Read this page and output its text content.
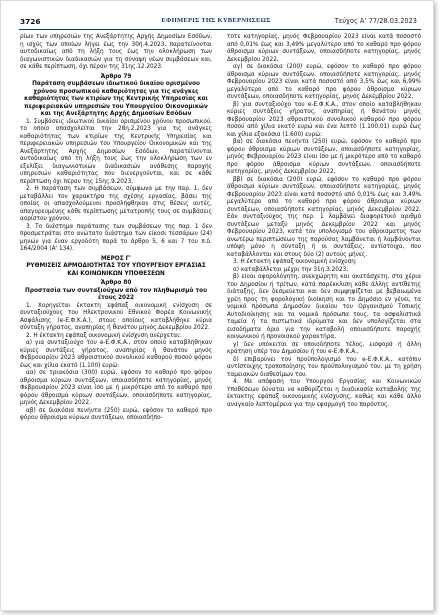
3726	ΕΦΗΜΕΡΙΣ ΤΗΣ ΚΥΒΕΡΝΗΣΕΩΣ	Τεύχος A’ 77/28.03.2023

ρίων των υπηρεσιών της Ανεξάρτητης Αρχής Δημοσίων Εσόδων, η ισχύς των οποίων λήγει έως την 30ή.4.2023, παρατείνονται αυτοδικαίως από τη λήξη τους έως την ολοκλήρωση των διαγωνιστικών διαδικασιών για τη σύναψη νέων συμβάσεων και, σε κάθε περίπτωση, όχι πέραν της 31ης.12.2023.

Άρθρο 79

Παράταση συμβάσεων ιδιωτικού δικαίου ορισμένου χρόνου προσωπικού καθαριότητας για τις ανάγκες καθαριότητας των κτιρίων της Κεντρικής Υπηρεσίας και περιφερειακών υπηρεσιών του Υπουργείου Οικονομικών και της Ανεξάρτητης Αρχής Δημοσίων Εσόδων

1. Συμβάσεις ιδιωτικού δικαίου ορισμένου χρόνου προσωπικού, το οποίο απασχολείται την 28η.2.2023 για τις ανάγκες καθαριότητας των κτιρίων της Κεντρικής Υπηρεσίας και περιφερειακών υπηρεσιών του Υπουργείου Οικονομικών και της Ανεξάρτητης Αρχής Δημοσίων Εσόδων, παρατείνονται αυτοδικαίως από τη λήξη τους έως την ολοκλήρωση των εν εξελίξει διαγωνιστικών διαδικασιών ανάθεσης παροχής υπηρεσιών καθαριότητας που διενεργούνται, και σε κάθε περίπτωση όχι πέραν της 15ης.9.2023.

2. Η παράταση των συμβάσεων, σύμφωνα με την παρ. 1, δεν μεταβάλλει τον χαρακτήρα της σχέσης εργασίας, βάσει της οποίας οι απασχολούμενοι προσλήφθηκαν στις θέσεις αυτές, απαγορευμένης κάθε περίπτωσης μετατροπής τους σε συμβάσεις αορίστου χρόνου.

3. Το διάστημα παράτασης των συμβάσεων της παρ. 1 δεν προσμετράται στο ανώτατο διάστημα των είκοσι τεσσάρων (24) μηνών για έναν εργοδότη παρά το άρθρο 5, 6 και 7 του π.δ. 164/2004 (Α' 134).

ΜΕΡΟΣ Γ'

ΡΥΘΜΙΣΕΙΣ ΑΡΜΟΔΙΟΤΗΤΑΣ ΤΟΥ ΥΠΟΥΡΓΕΙΟΥ ΕΡΓΑΣΙΑΣ ΚΑΙ ΚΟΙΝΩΝΙΚΩΝ ΥΠΟΘΕΣΕΩΝ

Άρθρο 80

Προστασία των συνταξιούχων από τον πληθωρισμό του έτους 2022

1. Χορηγείται έκτακτη εφάπαξ οικονομική ενίσχυση σε συνταξιούχους του Ηλεκτρονικού Εθνικού Φορέα Κοινωνικής Ασφάλισης (e-Ε.Φ.Κ.Α.), στους οποίους καταβλήθηκε κύρια σύνταξη γήρατος, αναπηρίας ή θανάτου μηνός Δεκεμβρίου 2022.

2. Η έκτακτη εφάπαξ οικονομική ενίσχυση ανέρχεται:

α) για συνταξιούχο του e-Ε.Φ.Κ.Α., στον οποίο καταβλήθηκαν κύριες συντάξεις γήρατος, αναπηρίας ή θανάτου μηνός Φεβρουαρίου 2023 αθροιστικού συνολικού καθαρού ποσού φόρου έως και χίλια εκατό (1.100) ευρώ:

αα) σε τριακόσια (300) ευρώ, εφόσον το καθαρό προ φόρου αθροισμα κύριων συντάξεων, οποιασδήποτε κατηγορίας, μηνός Φεβρουαρίου 2023 είναι ίσο με ή μικρότερο από το καθαρό προ φόρου άθροισμα κύριων συντάξεων, οποιασδήποτε κατηγορίας, μηνός Δεκεμβρίου 2022,

αβ) σε διακόσια πενήντα (250) ευρώ, εφόσον το καθαρό προ φόρου άθροισμα κύριων συντάξεων, οποιασδήπο-

τοτε κατηγορίας, μηνός Φεβρουαρίου 2023 είναι κατά ποσοστό από 0,01% έως και 3,49% μεγαλύτερο από το καθαρό προ φόρου άθροισμα κύριων συντάξεων, οποιασδήποτε κατηγορίας, μηνός Δεκεμβρίου 2022,

αγ) σε διακόσια (200) ευρώ, εφόσον το καθαρό προ φόρου άθροισμα κύριων συντάξεων, οποιασδήποτε κατηγορίας, μηνός Φεβρουαρίου 2023 είναι κατά ποσοστό από 3,5% έως και 6,99% μεγαλύτερο από το καθαρό προ φόρου άθροισμα κύριων συντάξεων, οποιασδήποτε κατηγορίας, μηνός Δεκεμβρίου 2022,

β) για συνταξιούχο του e-Ε.Φ.Κ.Α., στον οποίο καταβλήθηκαν κύριες συντάξεις γήρατος, αναπηρίας ή θανάτου μηνός Φεβρουαρίου 2023 αθροιστικού συνολικού καθαρού προ φόρου ποσού από χίλια εκατό ευρώ και ένα λεπτό (1.100,01) ευρώ έως και χίλια εξακόσια (1.600) ευρώ:

βα) σε διακόσια πενήντα (250) ευρώ, εφόσον το καθαρό προ φόρου άθροισμα κύριων συντάξεων, οποιασδήποτε κατηγορίας, μηνός Φεβρουαρίου 2023 είναι ίσο με ή μικρότερο από το καθαρό προ φόρου άθροισμα κύριων συντάξεων, οποιασδήποτε κατηγορίας, μηνός Δεκεμβρίου 2022,

ββ) σε διακόσια (200) ευρώ, εφόσον το καθαρό προ φόρου άθροισμα κύριων συντάξεων, οποιασδήποτε κατηγορίας, μηνός Φεβρουαρίου 2023 είναι κατά ποσοστό από 0,01% έως και 3,49% μεγαλύτερο από το καθαρό προ φόρου άθροισμα κύριων συντάξεων, οποιασδήποτε κατηγορίας, μηνός Δεκεμβρίου 2022. Εάν συνταξιούχος της περ. 1 λαμβάνει διαφορετικό αριθμό συντάξεων μεταξύ μηνός Δεκεμβρίου 2022 και μηνός Φεβρουαρίου 2023, κατά τον υπολογισμό του αθροισματος των ανωτέρω περιπτώσεων της παρούσας λαμβάνεται ή λαμβάνονται υπόψη μόνο η σύνταξη ή οι συντάξεις, αντίστοιχα, που καταβάλλονται και στους δύο (2) αυτούς μήνες.

3. Η έκτακτη εφάπαξ οικονομική ενίσχυση:

α) καταβάλλεται μέχρι την 31η.3.2023,

β) είναι αφορολόγητη, ανεκχώρητη και ακατάσχετη, στα χέρια του Δημοσίου ή τρίτων, κατά παρέκκλιση κάθε άλλης αντίθετης διάταξης, δεν δεσμεύεται και δεν συμψηφίζεται με βεβαιωμένα χρέη προς τη φορολογική διοίκηση και το Δημόσιο εν γένει, τα νομικά πρόσωπα Δημοσίου δικαίου του Οργανισμού Τοπικής Αυτοδιοίκησης και τα νομικά πρόσωπα τους, τα ασφαλιστικά ταμεία ή τα πιστωτικά ιδρύματα και δεν υπολογίζεται στα εισοδήματα όριο για την καταβολή οποιασδήποτε παροχής κοινωνικού ή προνοιακού χαρακτήρα,

γ) δεν υπόκειται σε οποιοδήποτε τέλος, εισφορά ή άλλη κράτηση υπέρ του Δημοσίου ή του e-Ε.Φ.Κ.Α.,

δ) επιβαρύνει τον προϋπολογισμό του e-Ε.Φ.Κ.Α., κατόπιν αντίστοιχης τροποποίησης του προϋπολογισμού του, με τη χρήση ταμειακών διαθεσίμων του.

4. Με απόφαση του Υπουργού Εργασίας και Κοινωνικών Υποθέσεων δύναται να καθορίζεται η διαδικασία καταβολής της έκτακτης εφάπαξ οικονομικής ενίσχυσης, καθώς και κάθε άλλο αναγκαίο λεπτομέρεια για την εφαρμογή του παρόντος.
